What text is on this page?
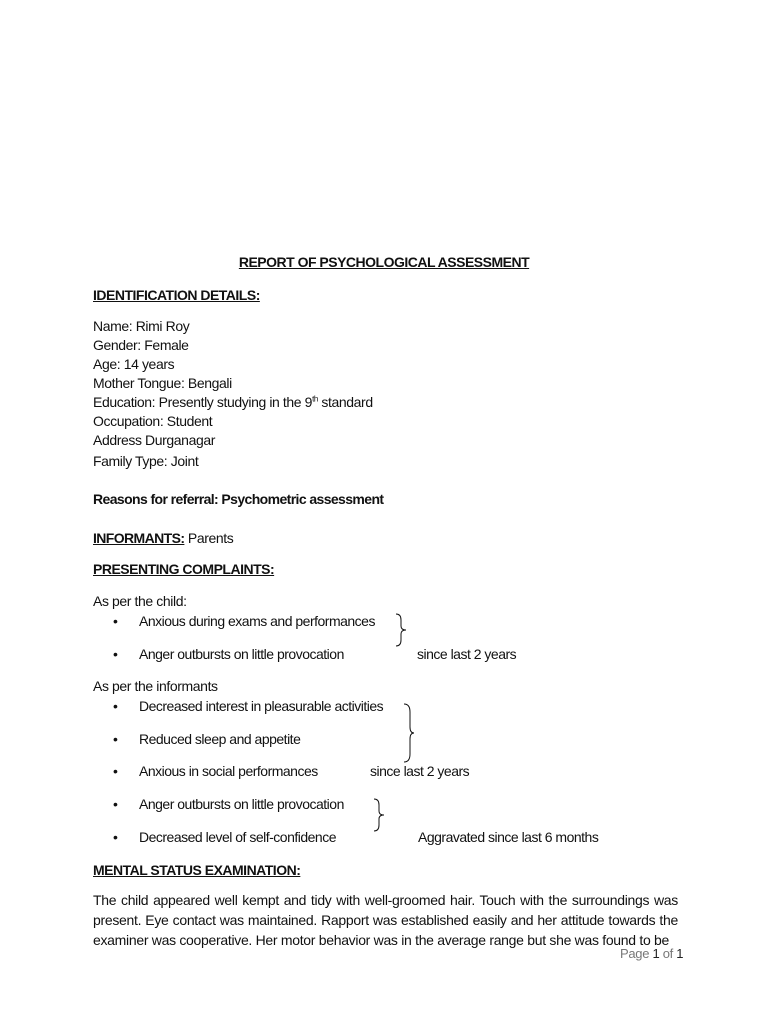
REPORT OF PSYCHOLOGICAL ASSESSMENT
IDENTIFICATION DETAILS:
Name: Rimi Roy
Gender: Female
Age: 14 years
Mother Tongue: Bengali
Education: Presently studying in the 9th standard
Occupation: Student
Address Durganagar
Family Type: Joint
Reasons for referral: Psychometric assessment
INFORMANTS: Parents
PRESENTING COMPLAINTS:
As per the child:
• Anxious during exams and performances
• Anger outbursts on little provocation	since last 2 years
As per the informants
• Decreased interest in pleasurable activities
• Reduced sleep and appetite
• Anxious in social performances
• Anger outbursts on little provocation
• Decreased level of self-confidence
since last 2 years
Aggravated since last 6 months
MENTAL STATUS EXAMINATION:
The child appeared well kempt and tidy with well-groomed hair. Touch with the surroundings was present. Eye contact was maintained. Rapport was established easily and her attitude towards the examiner was cooperative. Her motor behavior was in the average range but she was found to be
Page 1 of 1
